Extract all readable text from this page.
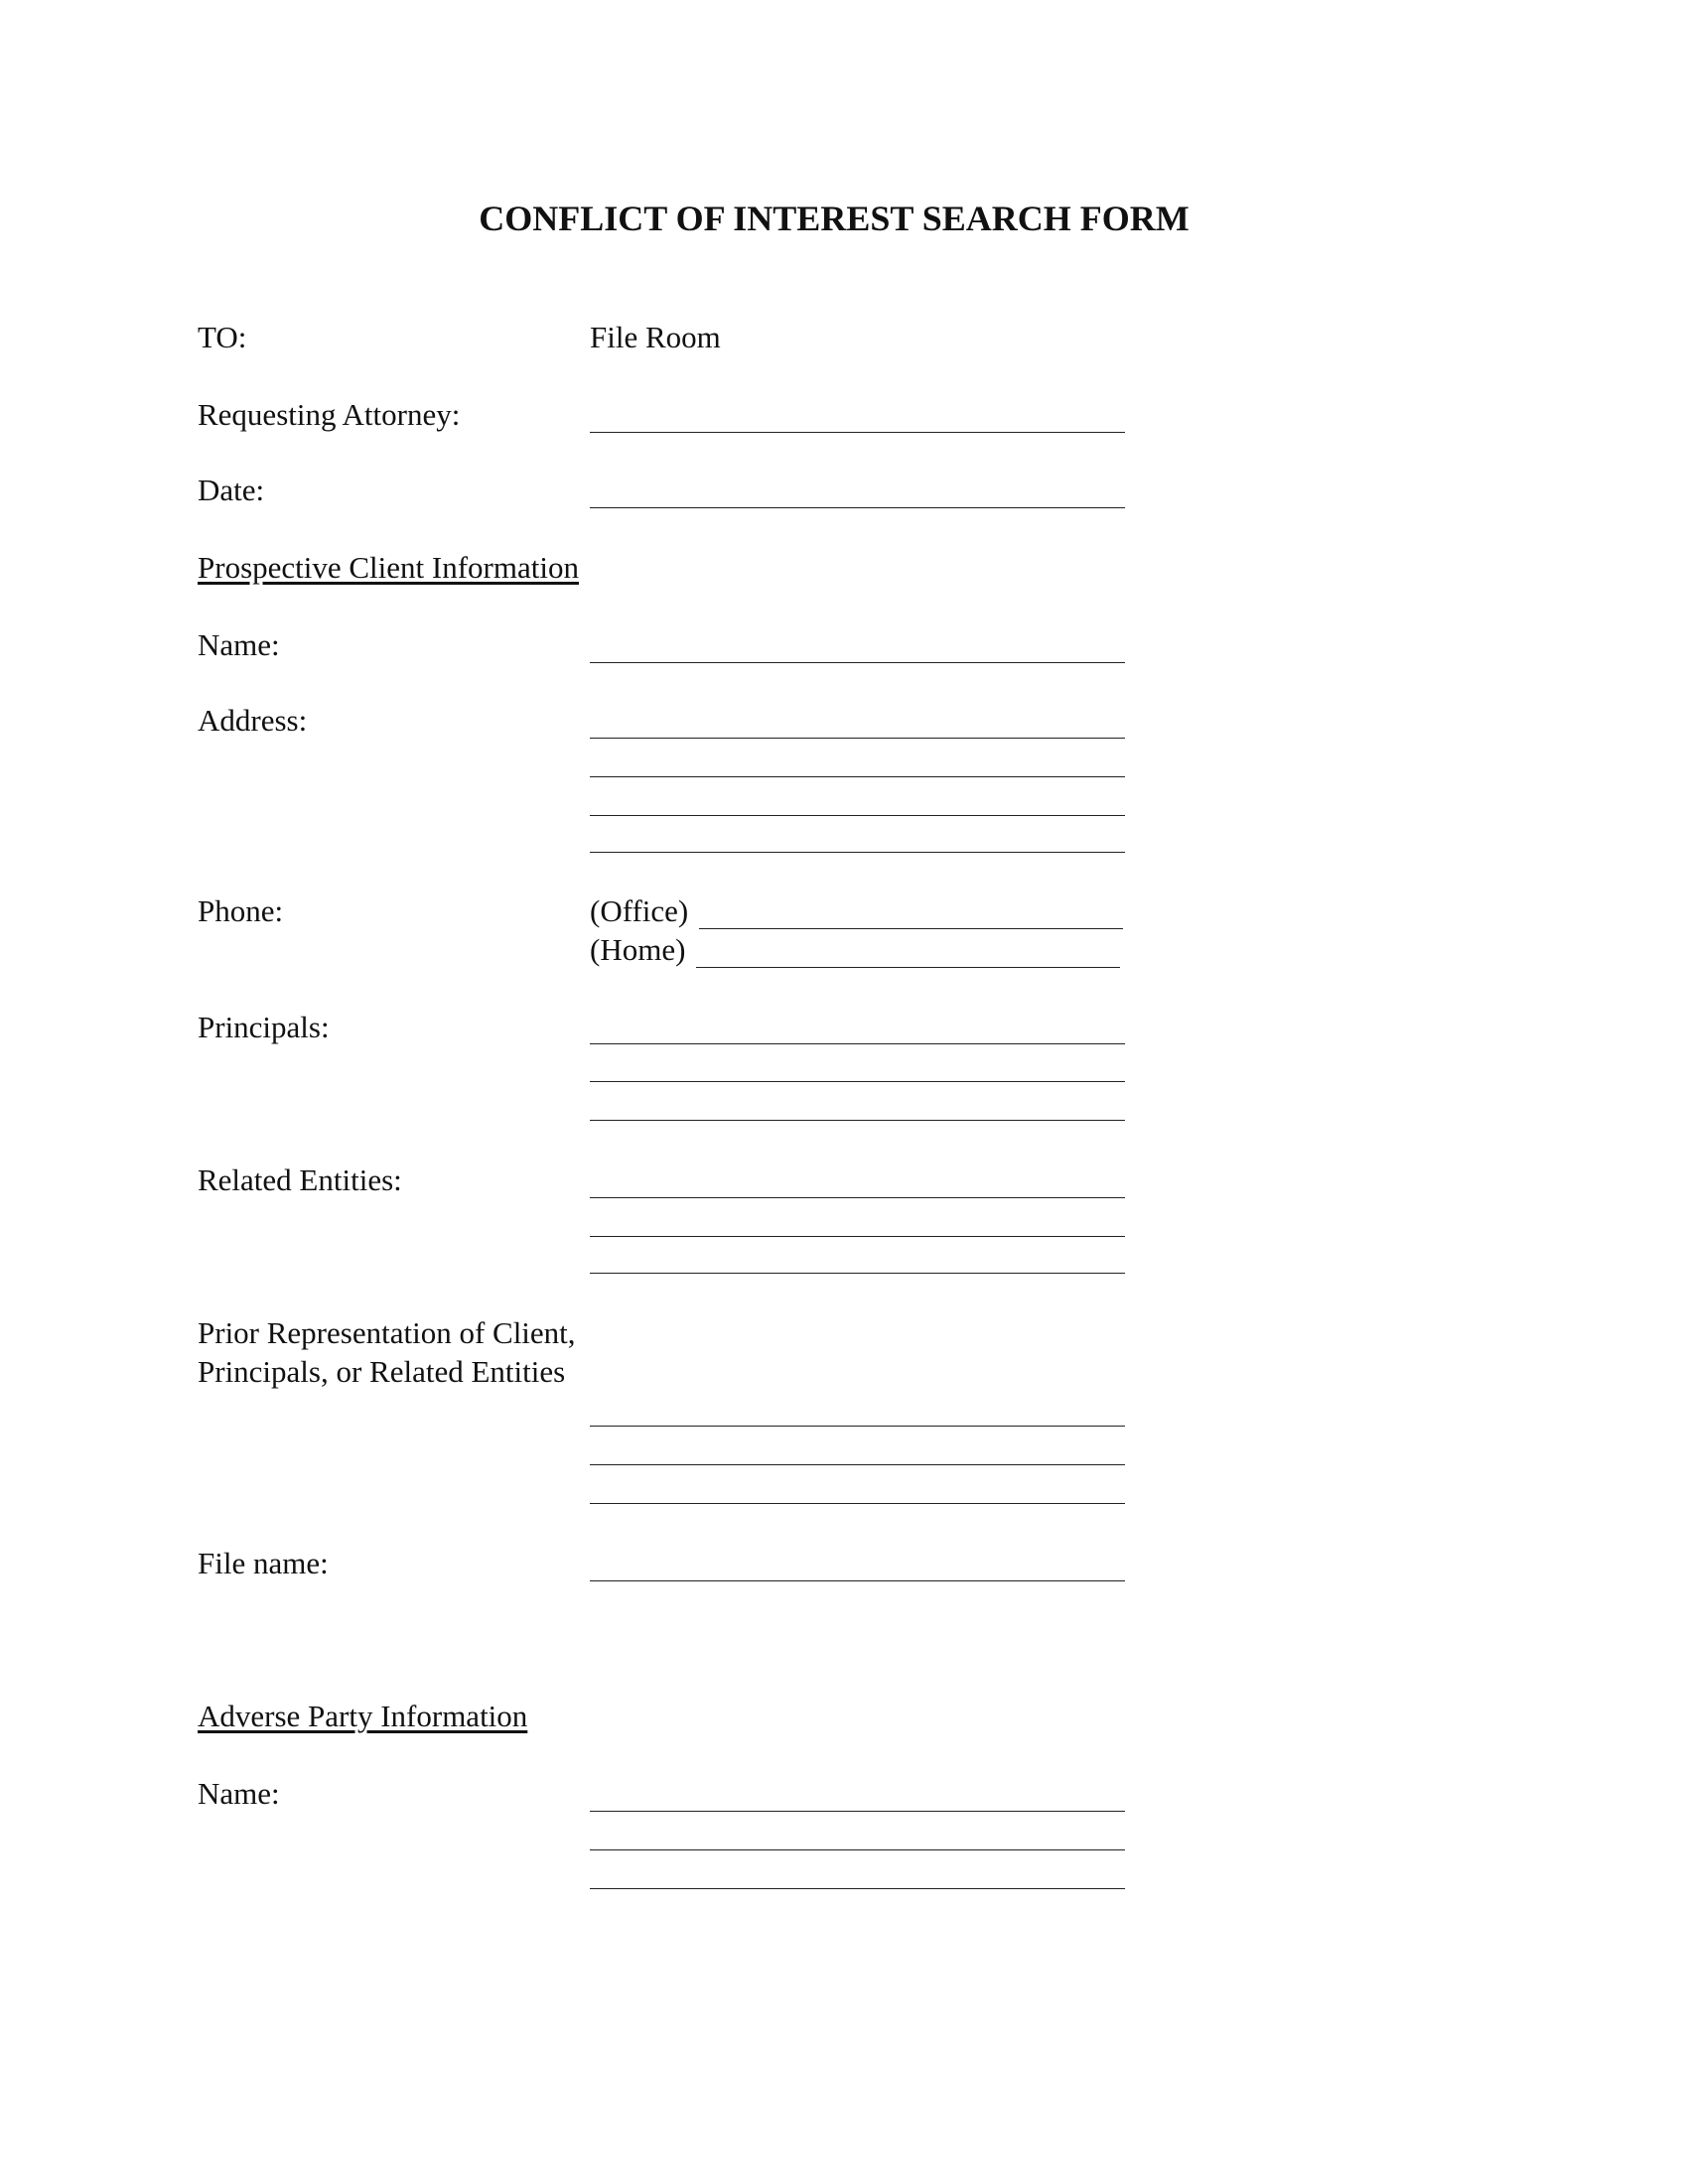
CONFLICT OF INTEREST SEARCH FORM
TO:	File Room
Requesting Attorney:
Date:
Prospective Client Information
Name:
Address:
Phone:	(Office)
(Home)
Principals:
Related Entities:
Prior Representation of Client,
Principals, or Related Entities
File name:
Adverse Party Information
Name:
